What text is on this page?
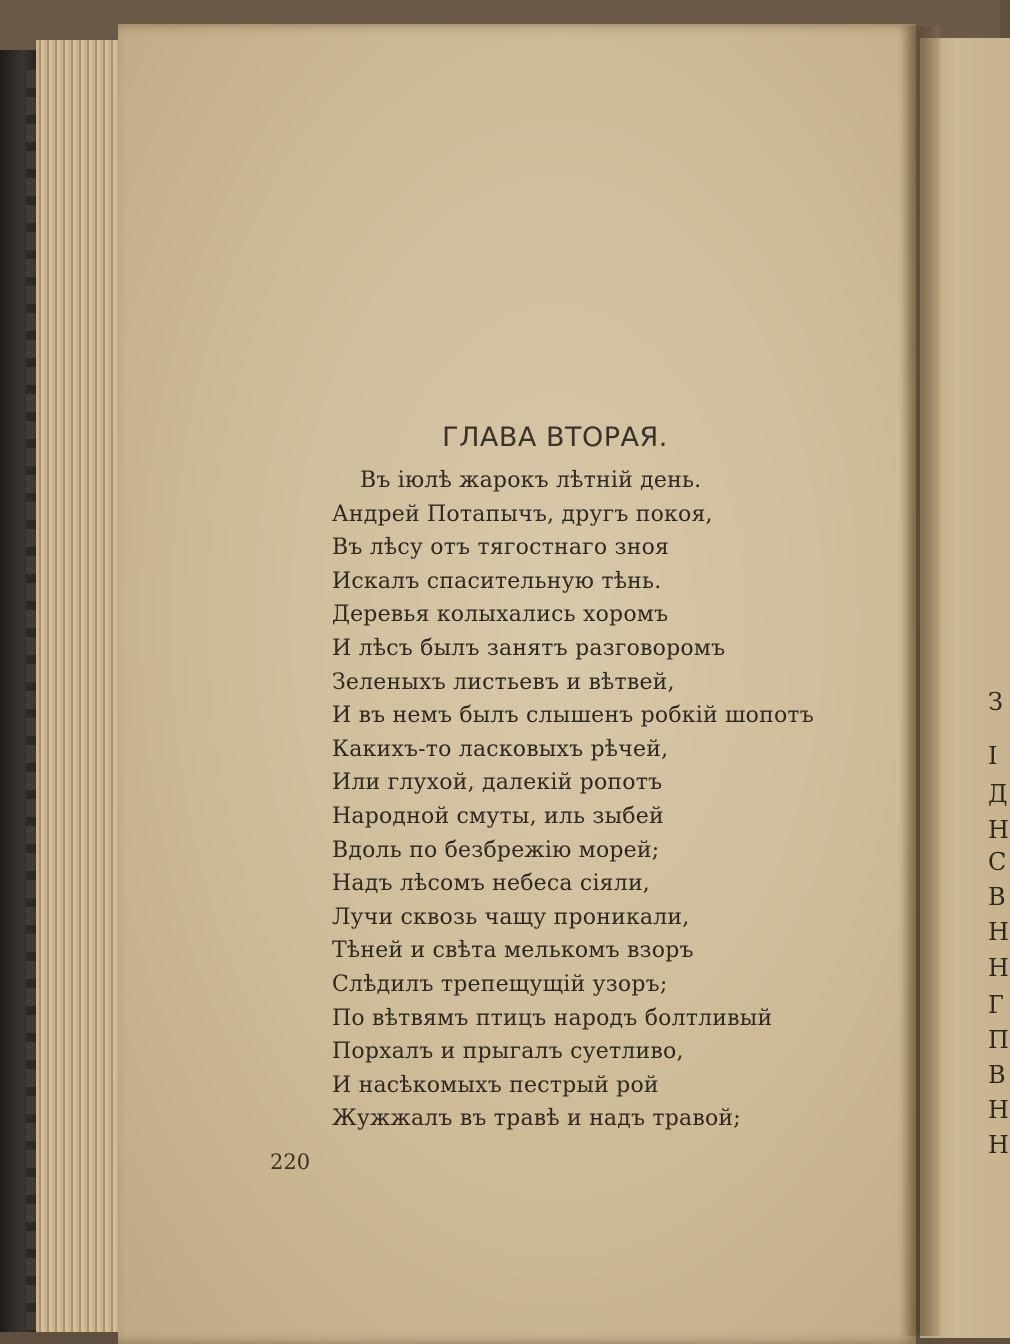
З
I
Д
Н
С
В
Н
Н
Г
П
В
Н
Н
ГЛАВА ВТОРАЯ.
Въ іюлѣ жарокъ лѣтній день.
Андрей Потапычъ, другъ покоя,
Въ лѣсу отъ тягостнаго зноя
Искалъ спасительную тѣнь.
Деревья колыхались хоромъ
И лѣсъ былъ занятъ разговоромъ
Зеленыхъ листьевъ и вѣтвей,
И въ немъ былъ слышенъ робкій шопотъ
Какихъ-то ласковыхъ рѣчей,
Или глухой, далекій ропотъ
Народной смуты, иль зыбей
Вдоль по безбрежію морей;
Надъ лѣсомъ небеса сіяли,
Лучи сквозь чащу проникали,
Тѣней и свѣта мелькомъ взоръ
Слѣдилъ трепещущій узоръ;
По вѣтвямъ птицъ народъ болтливый
Порхалъ и прыгалъ суетливо,
И насѣкомыхъ пестрый рой
Жужжалъ въ травѣ и надъ травой;
220
